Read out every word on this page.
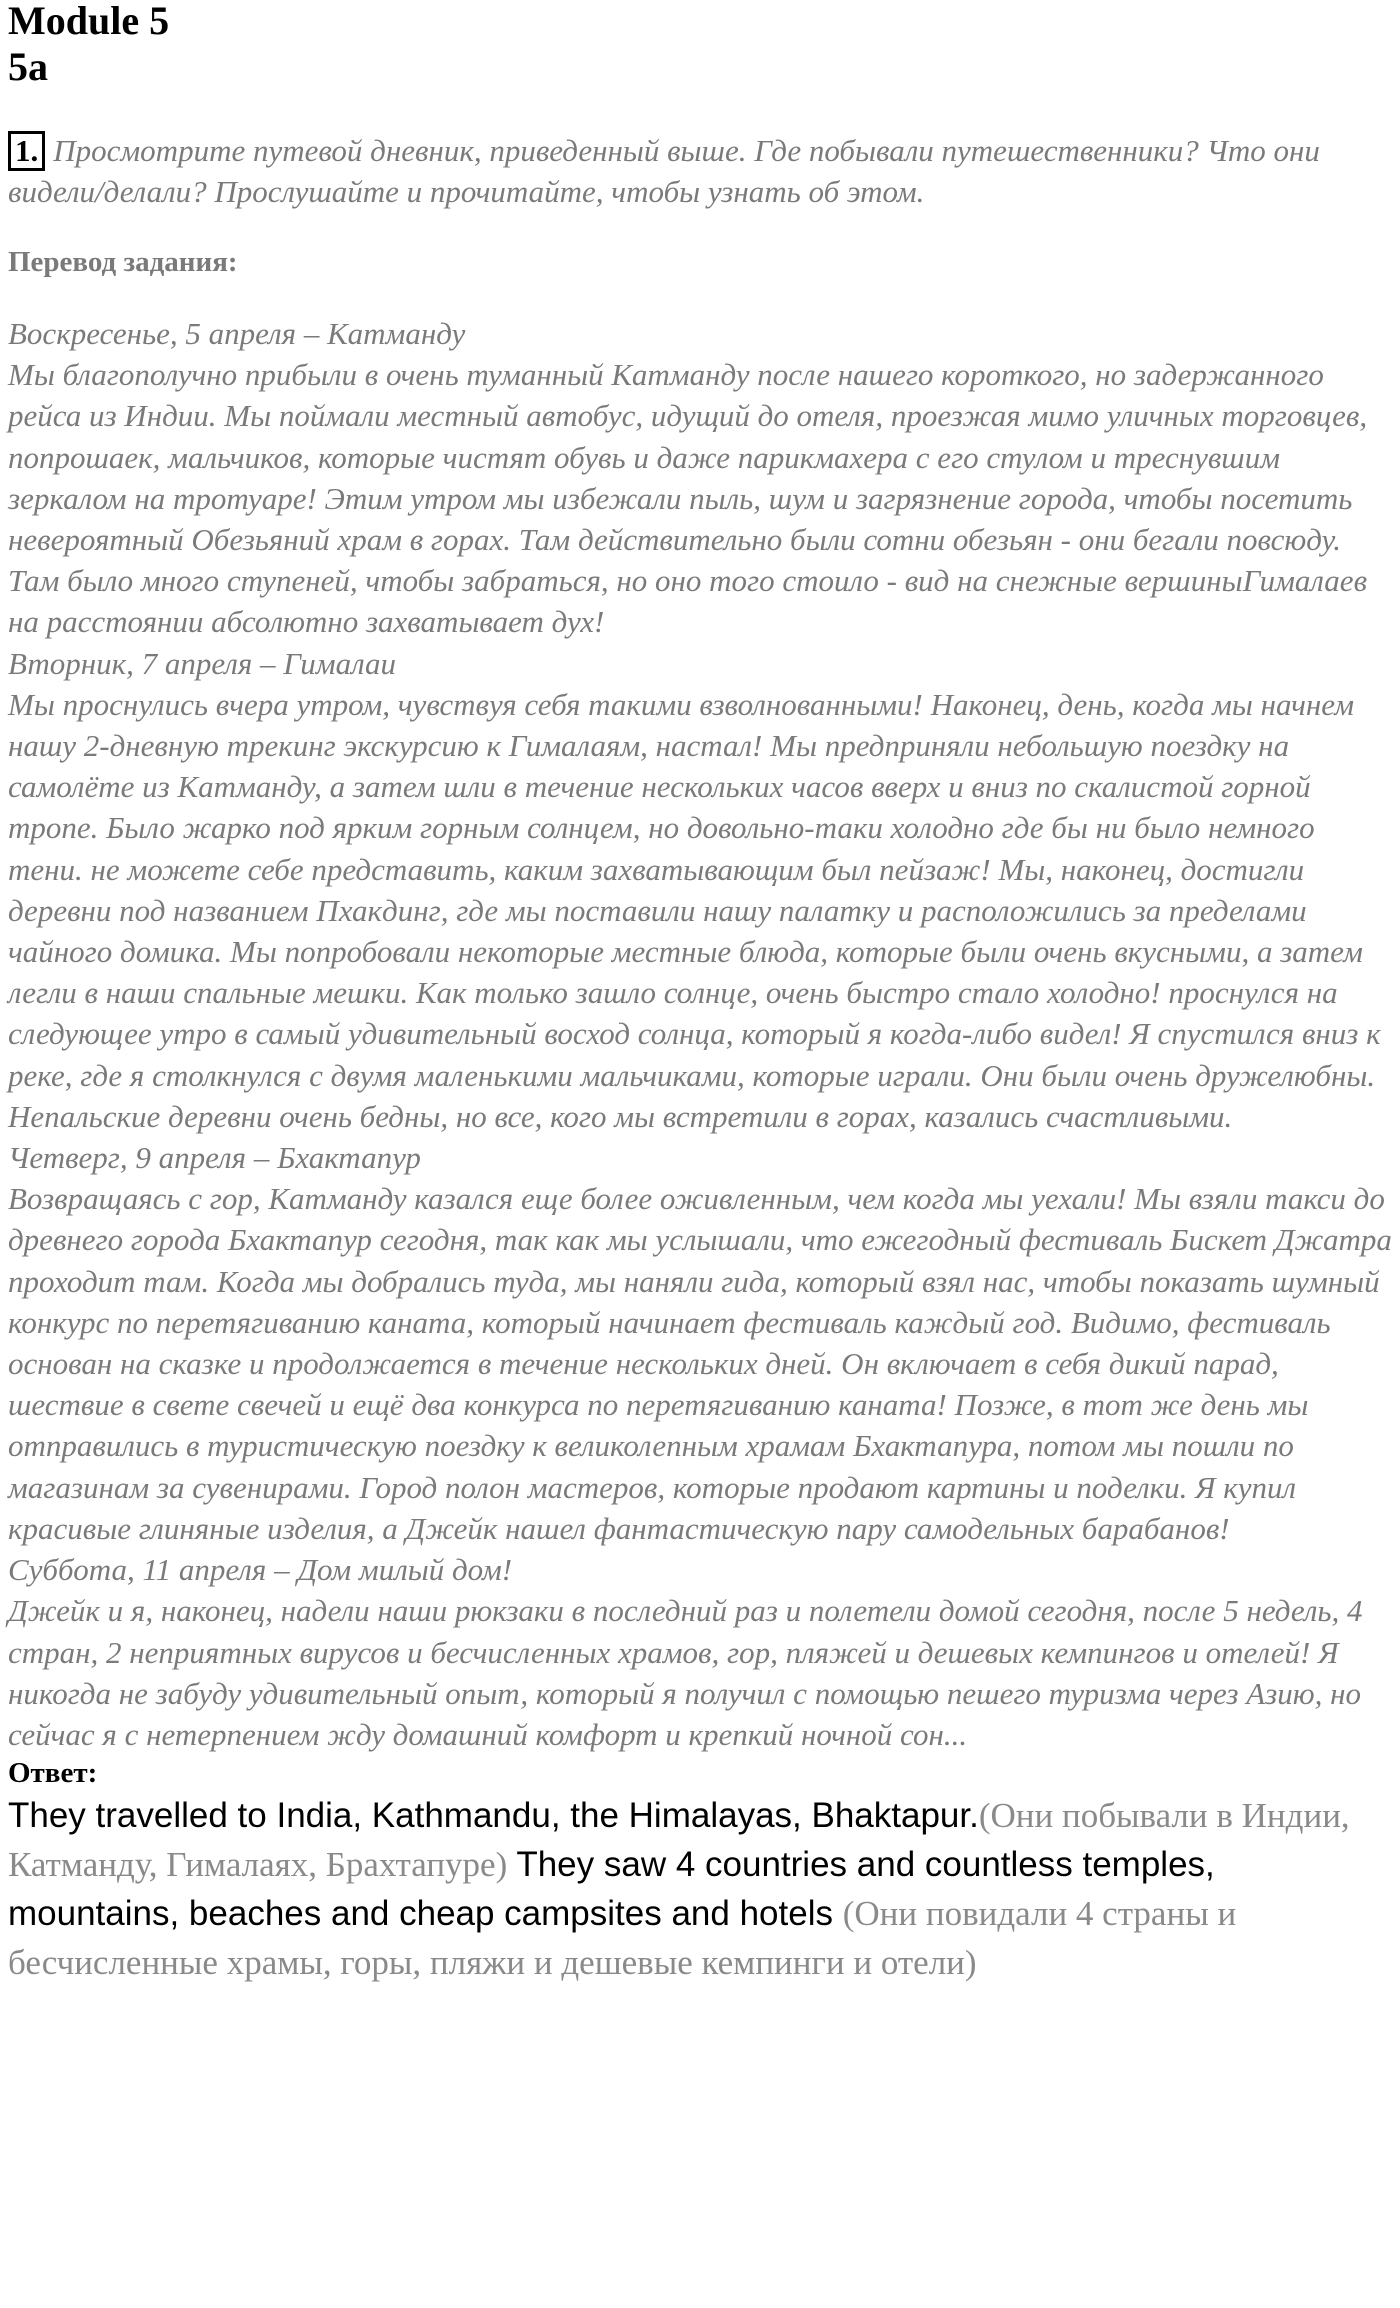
Module 5
5a

1. Просмотрите путевой дневник, приведенный выше. Где побывали путешественники? Что они видели/делали? Прослушайте и прочитайте, чтобы узнать об этом.

Перевод задания:

Воскресенье, 5 апреля – Катманду

Мы благополучно прибыли в очень туманный Катманду после нашего короткого, но задержанного рейса из Индии. Мы поймали местный автобус, идущий до отеля, проезжая мимо уличных торговцев, попрошаек, мальчиков, которые чистят обувь и даже парикмахера с его стулом и треснувшим зеркалом на тротуаре! Этим утром мы избежали пыль, шум и загрязнение города, чтобы посетить невероятный Обезьяний храм в горах. Там действительно были сотни обезьян - они бегали повсюду. Там было много ступеней, чтобы забраться, но оно того стоило - вид на снежные вершиныГималаев на расстоянии абсолютно захватывает дух!

Вторник, 7 апреля – Гималаи

Мы проснулись вчера утром, чувствуя себя такими взволнованными! Наконец, день, когда мы начнем нашу 2-дневную трекинг экскурсию к Гималаям, настал! Мы предприняли небольшую поездку на самолёте из Катманду, а затем шли в течение нескольких часов вверх и вниз по скалистой горной тропе. Было жарко под ярким горным солнцем, но довольно-таки холодно где бы ни было немного тени. не можете себе представить, каким захватывающим был пейзаж! Мы, наконец, достигли деревни под названием Пхакдинг, где мы поставили нашу палатку и расположились за пределами чайного домика. Мы попробовали некоторые местные блюда, которые были очень вкусными, а затем легли в наши спальные мешки. Как только зашло солнце, очень быстро стало холодно! проснулся на следующее утро в самый удивительный восход солнца, который я когда-либо видел! Я спустился вниз к реке, где я столкнулся с двумя маленькими мальчиками, которые играли. Они были очень дружелюбны. Непальские деревни очень бедны, но все, кого мы встретили в горах, казались счастливыми.

Четверг, 9 апреля – Бхактапур

Возвращаясь с гор, Катманду казался еще более оживленным, чем когда мы уехали! Мы взяли такси до древнего города Бхактапур сегодня, так как мы услышали, что ежегодный фестиваль Бискет Джатра проходит там. Когда мы добрались туда, мы наняли гида, который взял нас, чтобы показать шумный конкурс по перетягиванию каната, который начинает фестиваль каждый год. Видимо, фестиваль основан на сказке и продолжается в течение нескольких дней. Он включает в себя дикий парад, шествие в свете свечей и ещё два конкурса по перетягиванию каната! Позже, в тот же день мы отправились в туристическую поездку к великолепным храмам Бхактапура, потом мы пошли по магазинам за сувенирами. Город полон мастеров, которые продают картины и поделки. Я купил красивые глиняные изделия, а Джейк нашел фантастическую пару самодельных барабанов!

Суббота, 11 апреля – Дом милый дом!

Джейк и я, наконец, надели наши рюкзаки в последний раз и полетели домой сегодня, после 5 недель, 4 стран, 2 неприятных вирусов и бесчисленных храмов, гор, пляжей и дешевых кемпингов и отелей! Я никогда не забуду удивительный опыт, который я получил с помощью пешего туризма через Азию, но сейчас я с нетерпением жду домашний комфорт и крепкий ночной сон...

Ответ:

They travelled to India, Kathmandu, the Himalayas, Bhaktapur.(Они побывали в Индии, Катманду, Гималаях, Брахтапуре) They saw 4 countries and countless temples, mountains, beaches and cheap campsites and hotels (Они повидали 4 страны и бесчисленные храмы, горы, пляжи и дешевые кемпинги и отели)
